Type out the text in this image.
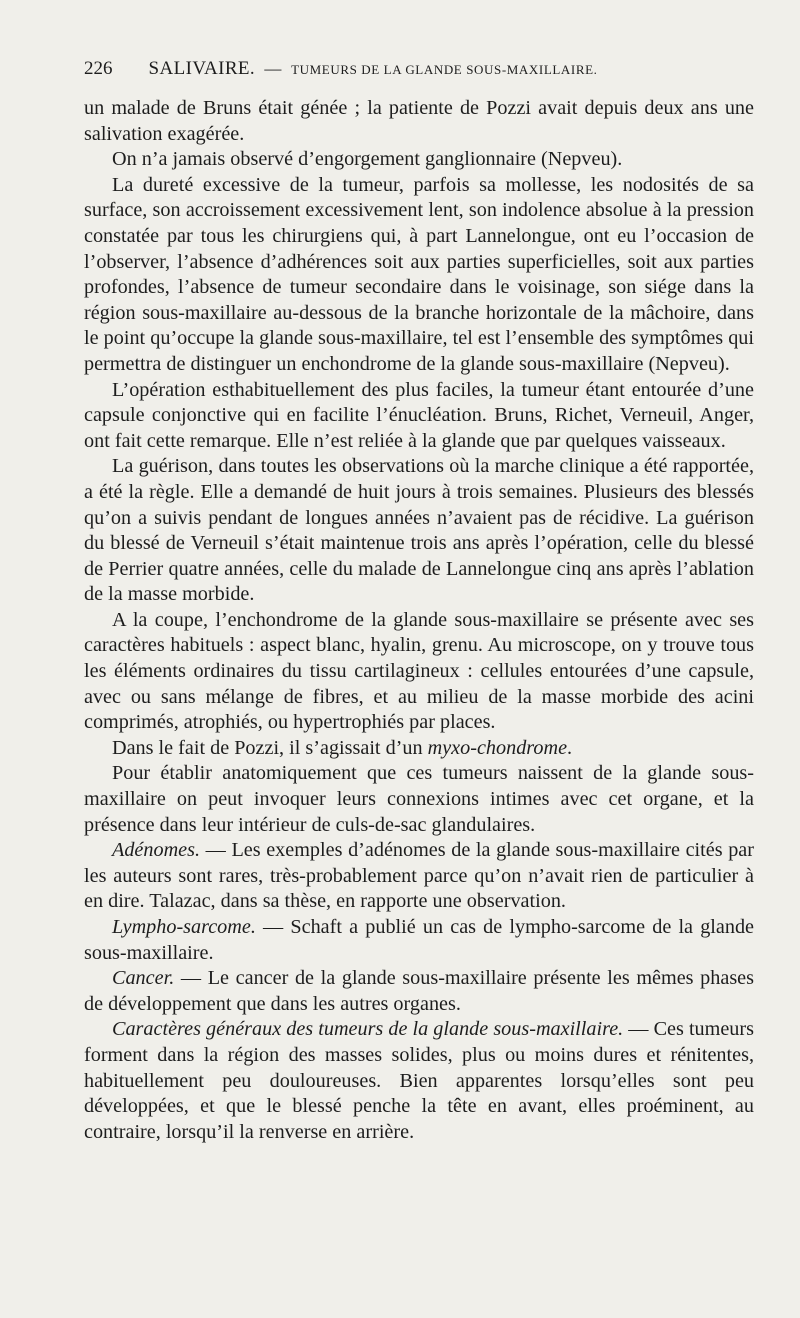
226 SALIVAIRE. — TUMEURS DE LA GLANDE SOUS-MAXILLAIRE.

un malade de Bruns était génée ; la patiente de Pozzi avait depuis deux ans une salivation exagérée.

On n’a jamais observé d’engorgement ganglionnaire (Nepveu).

La dureté excessive de la tumeur, parfois sa mollesse, les nodosités de sa surface, son accroissement excessivement lent, son indolence absolue à la pression constatée par tous les chirurgiens qui, à part Lannelongue, ont eu l’occasion de l’observer, l’absence d’adhérences soit aux parties superficielles, soit aux parties profondes, l’absence de tumeur secondaire dans le voisinage, son siége dans la région sous-maxillaire au-dessous de la branche horizontale de la mâchoire, dans le point qu’occupe la glande sous-maxillaire, tel est l’ensemble des symptômes qui permettra de distinguer un enchondrome de la glande sous-maxillaire (Nepveu).

L’opération esthabituellement des plus faciles, la tumeur étant entourée d’une capsule conjonctive qui en facilite l’énucléation. Bruns, Richet, Verneuil, Anger, ont fait cette remarque. Elle n’est reliée à la glande que par quelques vaisseaux.

La guérison, dans toutes les observations où la marche clinique a été rapportée, a été la règle. Elle a demandé de huit jours à trois semaines. Plusieurs des blessés qu’on a suivis pendant de longues années n’avaient pas de récidive. La guérison du blessé de Verneuil s’était maintenue trois ans après l’opération, celle du blessé de Perrier quatre années, celle du malade de Lannelongue cinq ans après l’ablation de la masse morbide.

A la coupe, l’enchondrome de la glande sous-maxillaire se présente avec ses caractères habituels : aspect blanc, hyalin, grenu. Au microscope, on y trouve tous les éléments ordinaires du tissu cartilagineux : cellules entourées d’une capsule, avec ou sans mélange de fibres, et au milieu de la masse morbide des acini comprimés, atrophiés, ou hypertrophiés par places.

Dans le fait de Pozzi, il s’agissait d’un myxo-chondrome.

Pour établir anatomiquement que ces tumeurs naissent de la glande sous-maxillaire on peut invoquer leurs connexions intimes avec cet organe, et la présence dans leur intérieur de culs-de-sac glandulaires.

Adénomes. — Les exemples d’adénomes de la glande sous-maxillaire cités par les auteurs sont rares, très-probablement parce qu’on n’avait rien de particulier à en dire. Talazac, dans sa thèse, en rapporte une observation.

Lympho-sarcome. — Schaft a publié un cas de lympho-sarcome de la glande sous-maxillaire.

Cancer. — Le cancer de la glande sous-maxillaire présente les mêmes phases de développement que dans les autres organes.

Caractères généraux des tumeurs de la glande sous-maxillaire. — Ces tumeurs forment dans la région des masses solides, plus ou moins dures et rénitentes, habituellement peu douloureuses. Bien apparentes lorsqu’elles sont peu développées, et que le blessé penche la tête en avant, elles proéminent, au contraire, lorsqu’il la renverse en arrière.
